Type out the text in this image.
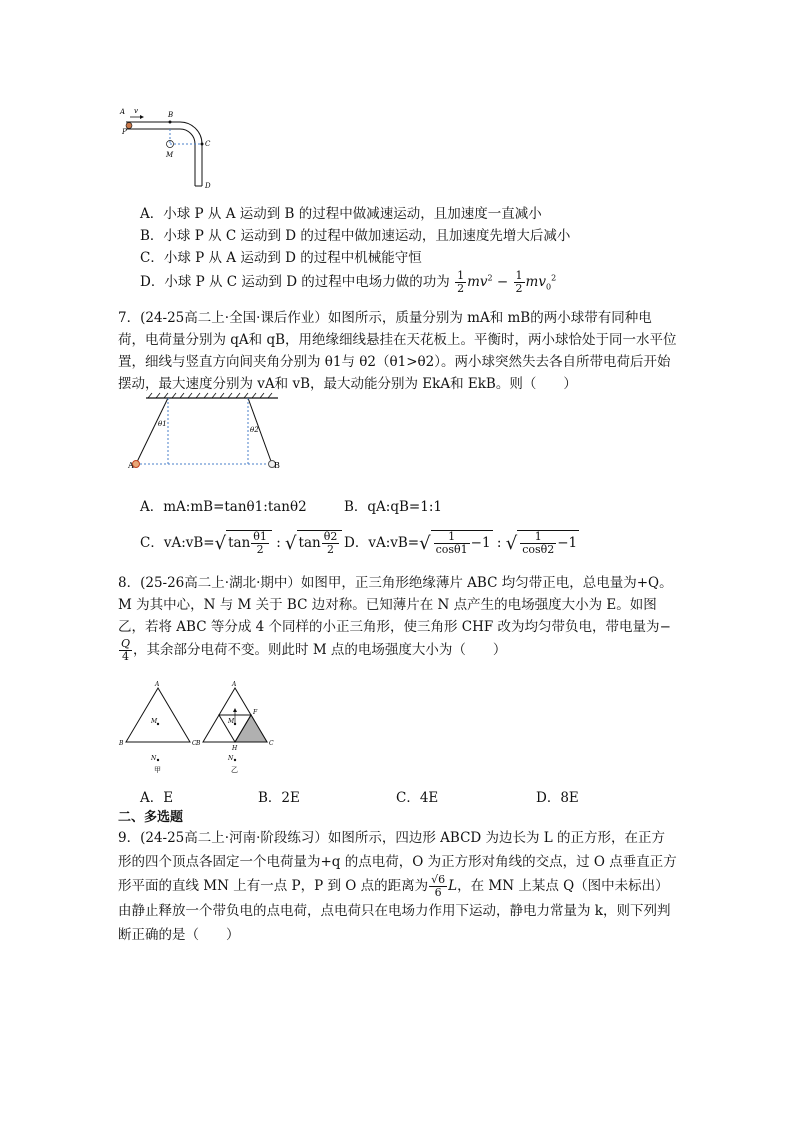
A v
P
B
M
C
D
A．小球 P 从 A 运动到 B 的过程中做减速运动，且加速度一直减小
B．小球 P 从 C 运动到 D 的过程中做加速运动，且加速度先增大后减小
C．小球 P 从 A 运动到 D 的过程中机械能守恒
D．小球 P 从 C 运动到 D 的过程中电场力做的功为 $\frac{1}{2} mv^2 - \frac{1}{2} mv_0^2$
7．(24-25高二上·全国·课后作业）如图所示，质量分别为 mA和 mB的两小球带有同种电荷，电荷量分别为 qA和 qB，用绝缘细线悬挂在天花板上。平衡时，两小球恰处于同一水平位置，细线与竖直方向间夹角分别为 θ1与 θ2（θ1>θ2）。两小球突然失去各自所带电荷后开始摆动，最大速度分别为 vA和 vB，最大动能分别为 EkA和 EkB。则（　　）
θ1
θ2
A	B
A．mA:mB=tanθ1:tanθ2	B．qA:qB=1:1
C．vA:vB=√ $\tan \frac{\theta 1}{2}$ : √ $\tan \frac{\theta 2}{2}$ D．vA:vB=√ $\frac{1}{\cos\theta 1} -1$ : √ $\frac{1}{\cos\theta 2} -1$
8．(25-26高二上·湖北·期中）如图甲，正三角形绝缘薄片 ABC 均匀带正电，总电量为+Q。M 为其中心，N 与 M 关于 BC 边对称。已知薄片在 N 点产生的电场强度大小为 E。如图乙，若将 ABC 等分成 4 个同样的小正三角形，使三角形 CHF 改为均匀带负电，带电量为−
$\frac{Q}{4}$ ，其余部分电荷不变。则此时 M 点的电场强度大小为（　　）
A
B	C
M
N
甲
A
B	C
F
H
M
N
乙
A．E	B．2E	C．4E	D．8E
二、多选题
9．(24-25高二上·河南·阶段练习）如图所示，四边形 ABCD 为边长为 L 的正方形，在正方形的四个顶点各固定一个电荷量为+q 的点电荷，O 为正方形对角线的交点，过 O 点垂直正方形平面的直线 MN 上有一点 P，P 到 O 点的距离为 $\frac{√6}{6}$ L，在 MN 上某点 Q（图中未标出）由静止释放一个带负电的点电荷，点电荷只在电场力作用下运动，静电力常量为 k，则下列判断正确的是（　　）
